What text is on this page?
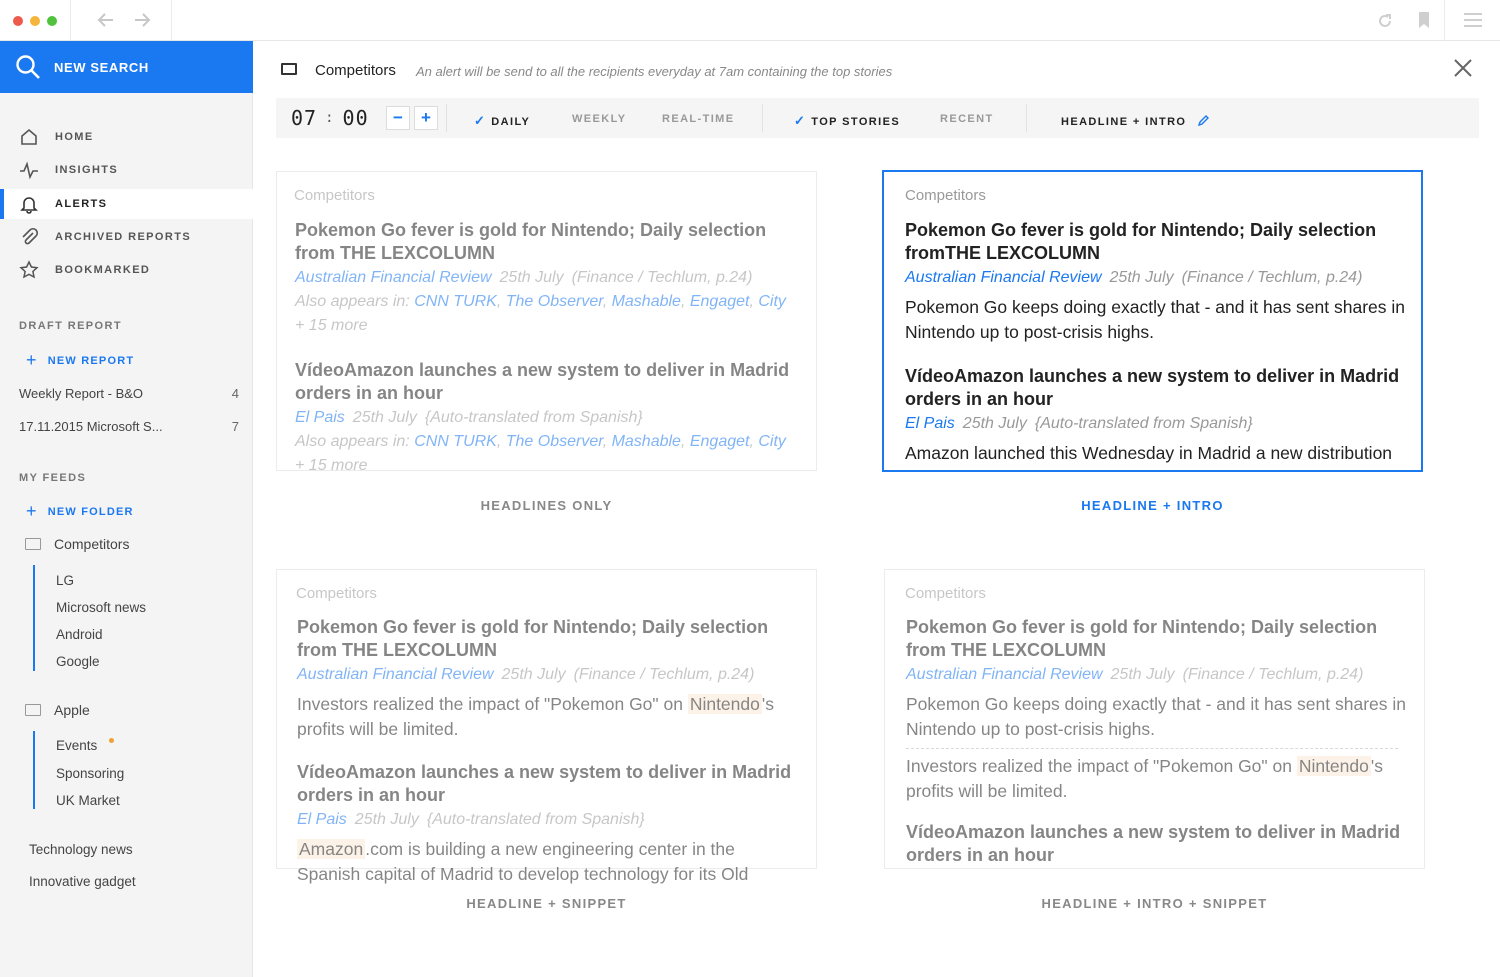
NEW SEARCH
HOME
INSIGHTS
ALERTS
ARCHIVED REPORTS
BOOKMARKED
DRAFT REPORT
+ NEW REPORT
Weekly Report - B&O	4
17.11.2015 Microsoft S...	7
MY FEEDS
+ NEW FOLDER
Competitors
LG
Microsoft news
Android
Google
Apple
Events
Sponsoring
UK Market
Technology news
Innovative gadget
Competitors An alert will be send to all the recipients everyday at 7am containing the top stories
07 : 00	−	+	✓ DAILY	WEEKLY	REAL-TIME	✓ TOP STORIES	RECENT	HEADLINE + INTRO
Competitors
Pokemon Go fever is gold for Nintendo; Daily selection from THE LEXCOLUMN
Australian Financial Review 25th July (Finance / Techlum, p.24)
Also appears in: CNN TURK, The Observer, Mashable, Engaget, City + 15 more
VídeoAmazon launches a new system to deliver in Madrid orders in an hour
El Pais 25th July {Auto-translated from Spanish}
Also appears in: CNN TURK, The Observer, Mashable, Engaget, City + 15 more
HEADLINES ONLY
Competitors
Pokemon Go fever is gold for Nintendo; Daily selection fromTHE LEXCOLUMN
Australian Financial Review 25th July (Finance / Techlum, p.24)
Pokemon Go keeps doing exactly that - and it has sent shares in Nintendo up to post-crisis highs.
VídeoAmazon launches a new system to deliver in Madrid orders in an hour
El Pais 25th July {Auto-translated from Spanish}
Amazon launched this Wednesday in Madrid a new distribution
HEADLINE + INTRO
Competitors
Pokemon Go fever is gold for Nintendo; Daily selection from THE LEXCOLUMN
Australian Financial Review 25th July (Finance / Techlum, p.24)
Investors realized the impact of "Pokemon Go" on Nintendo 's profits will be limited.
VídeoAmazon launches a new system to deliver in Madrid orders in an hour
El Pais 25th July {Auto-translated from Spanish}
Amazon .com is building a new engineering center in the Spanish capital of Madrid to develop technology for its Old
HEADLINE + SNIPPET
Competitors
Pokemon Go fever is gold for Nintendo; Daily selection from THE LEXCOLUMN
Australian Financial Review 25th July (Finance / Techlum, p.24)
Pokemon Go keeps doing exactly that - and it has sent shares in Nintendo up to post-crisis highs.
Investors realized the impact of "Pokemon Go" on Nintendo 's profits will be limited.
VídeoAmazon launches a new system to deliver in Madrid orders in an hour
HEADLINE + INTRO + SNIPPET
